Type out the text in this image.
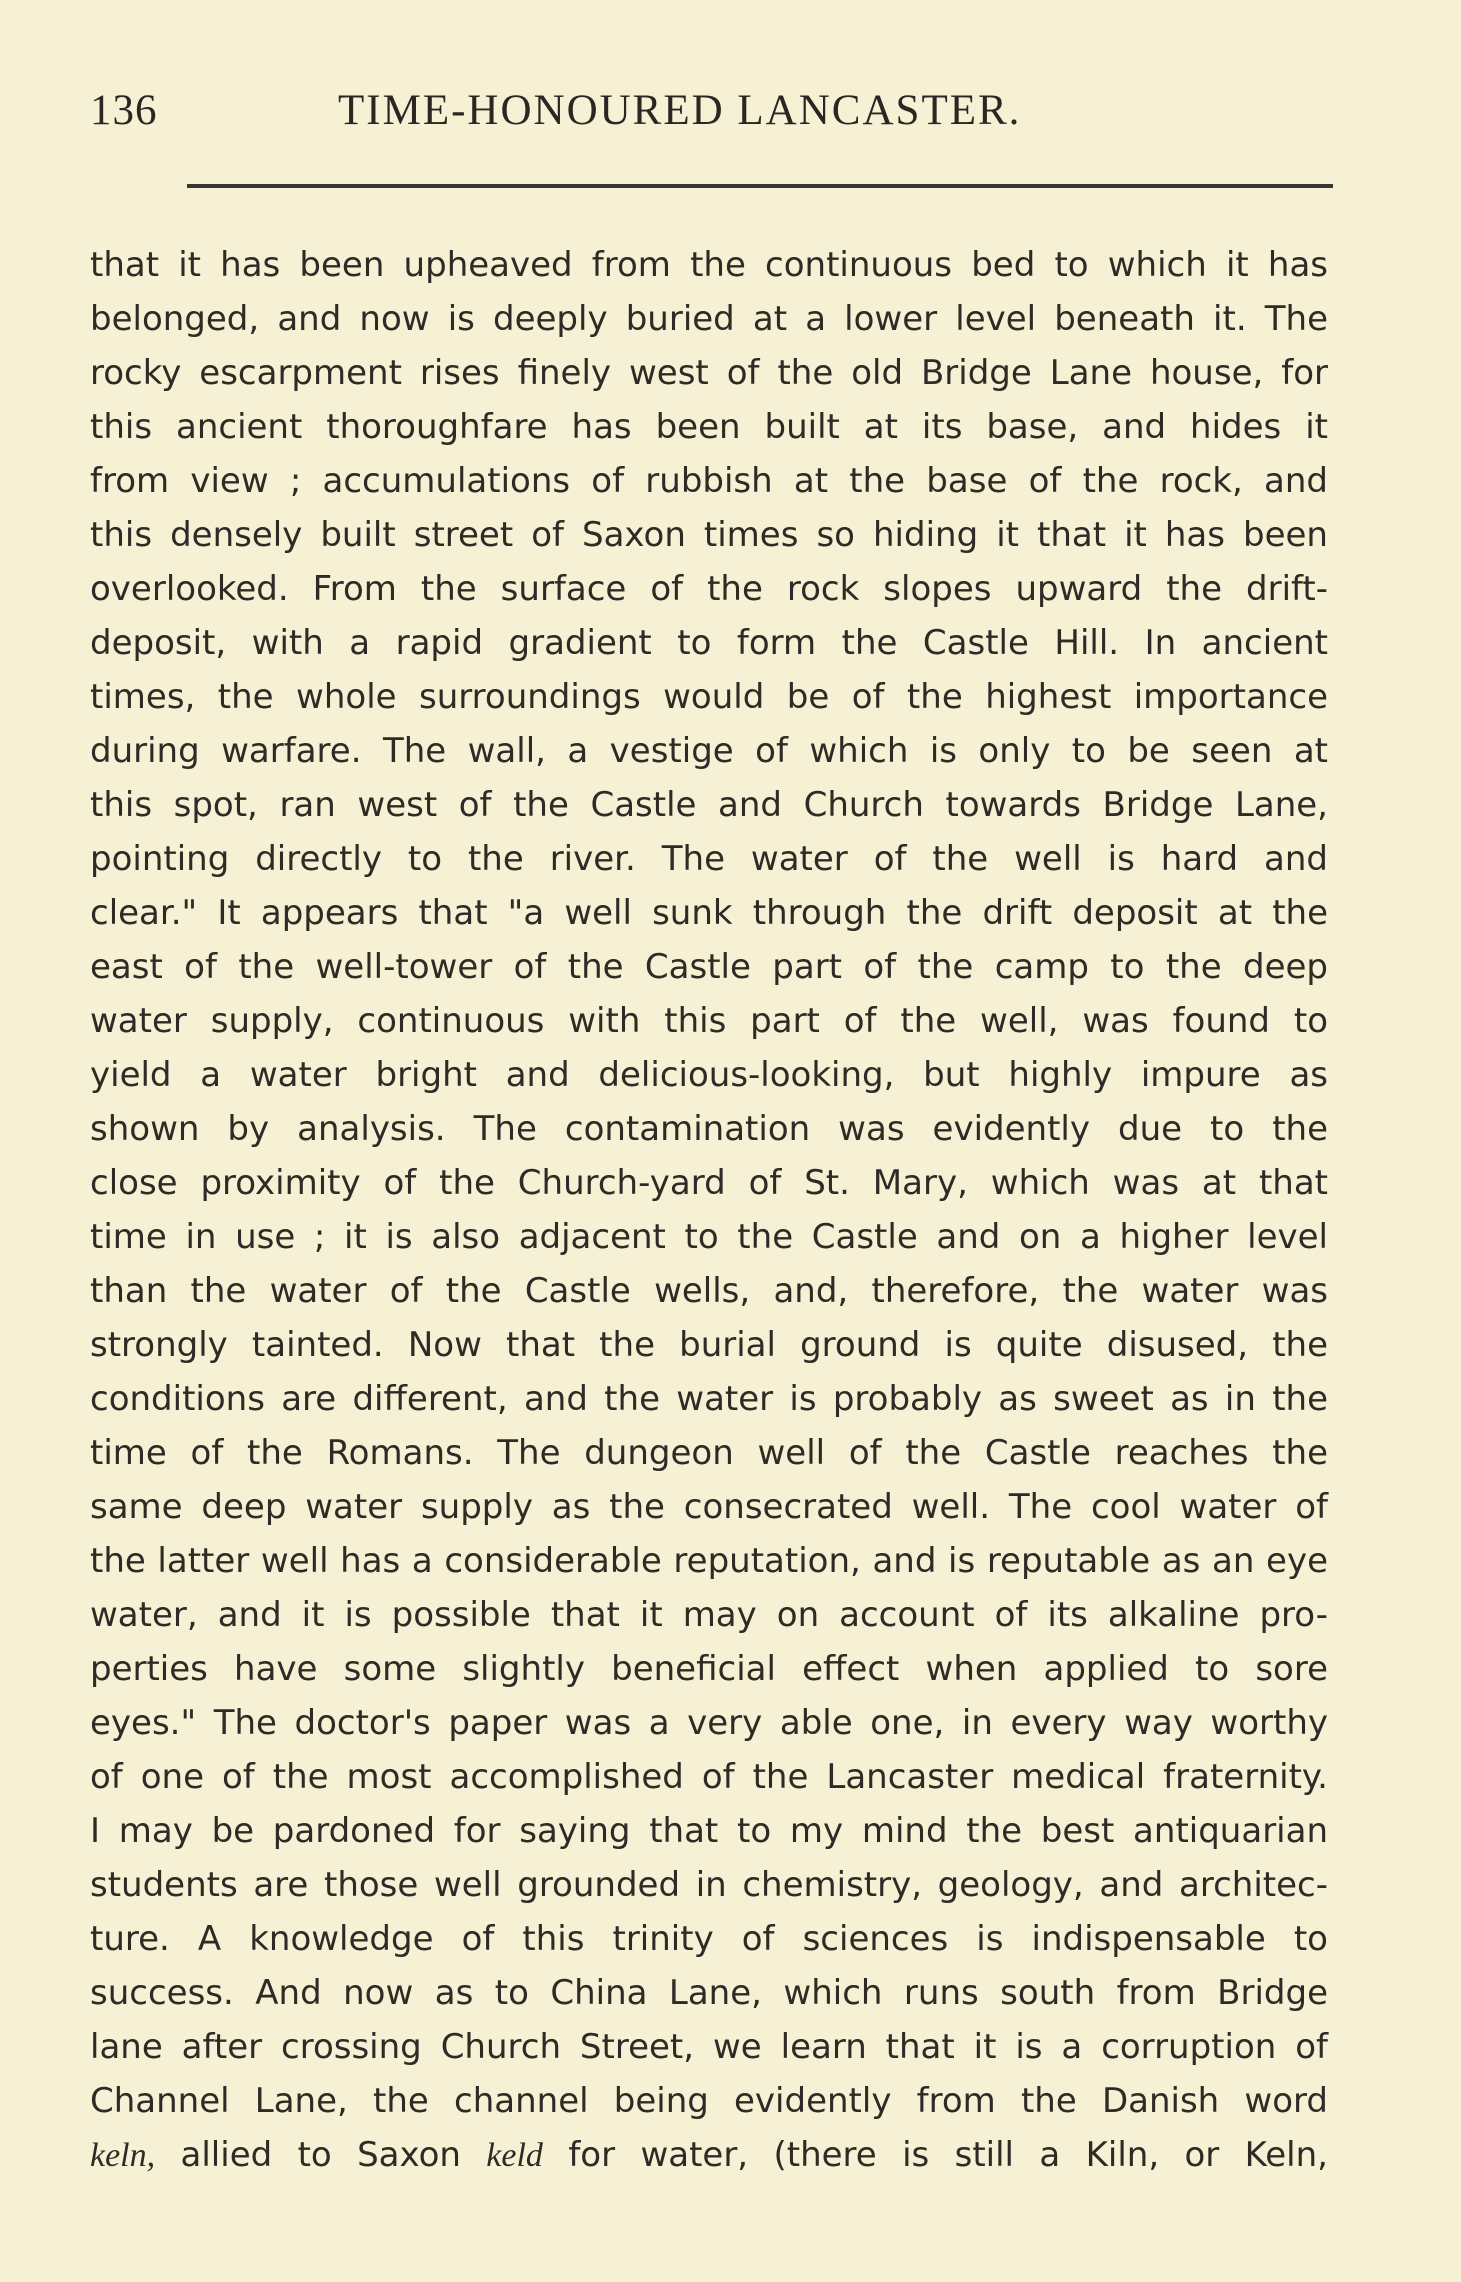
136	TIME-HONOURED LANCASTER.
that it has been upheaved from the continuous bed to which it has
belonged, and now is deeply buried at a lower level beneath it. The
rocky escarpment rises finely west of the old Bridge Lane house, for
this ancient thoroughfare has been built at its base, and hides it
from view ; accumulations of rubbish at the base of the rock, and
this densely built street of Saxon times so hiding it that it has been
overlooked. From the surface of the rock slopes upward the drift-
deposit, with a rapid gradient to form the Castle Hill. In ancient
times, the whole surroundings would be of the highest importance
during warfare. The wall, a vestige of which is only to be seen at
this spot, ran west of the Castle and Church towards Bridge Lane,
pointing directly to the river. The water of the well is hard and
clear." It appears that "a well sunk through the drift deposit at the
east of the well-tower of the Castle part of the camp to the deep
water supply, continuous with this part of the well, was found to
yield a water bright and delicious-looking, but highly impure as
shown by analysis. The contamination was evidently due to the
close proximity of the Church-yard of St. Mary, which was at that
time in use ; it is also adjacent to the Castle and on a higher level
than the water of the Castle wells, and, therefore, the water was
strongly tainted. Now that the burial ground is quite disused, the
conditions are different, and the water is probably as sweet as in the
time of the Romans. The dungeon well of the Castle reaches the
same deep water supply as the consecrated well. The cool water of
the latter well has a considerable reputation, and is reputable as an eye
water, and it is possible that it may on account of its alkaline pro-
perties have some slightly beneficial effect when applied to sore
eyes." The doctor's paper was a very able one, in every way worthy
of one of the most accomplished of the Lancaster medical fraternity.
I may be pardoned for saying that to my mind the best antiquarian
students are those well grounded in chemistry, geology, and architec-
ture. A knowledge of this trinity of sciences is indispensable to
success. And now as to China Lane, which runs south from Bridge
lane after crossing Church Street, we learn that it is a corruption of
Channel Lane, the channel being evidently from the Danish word
keln, allied to Saxon keld for water, (there is still a Kiln, or Keln,
